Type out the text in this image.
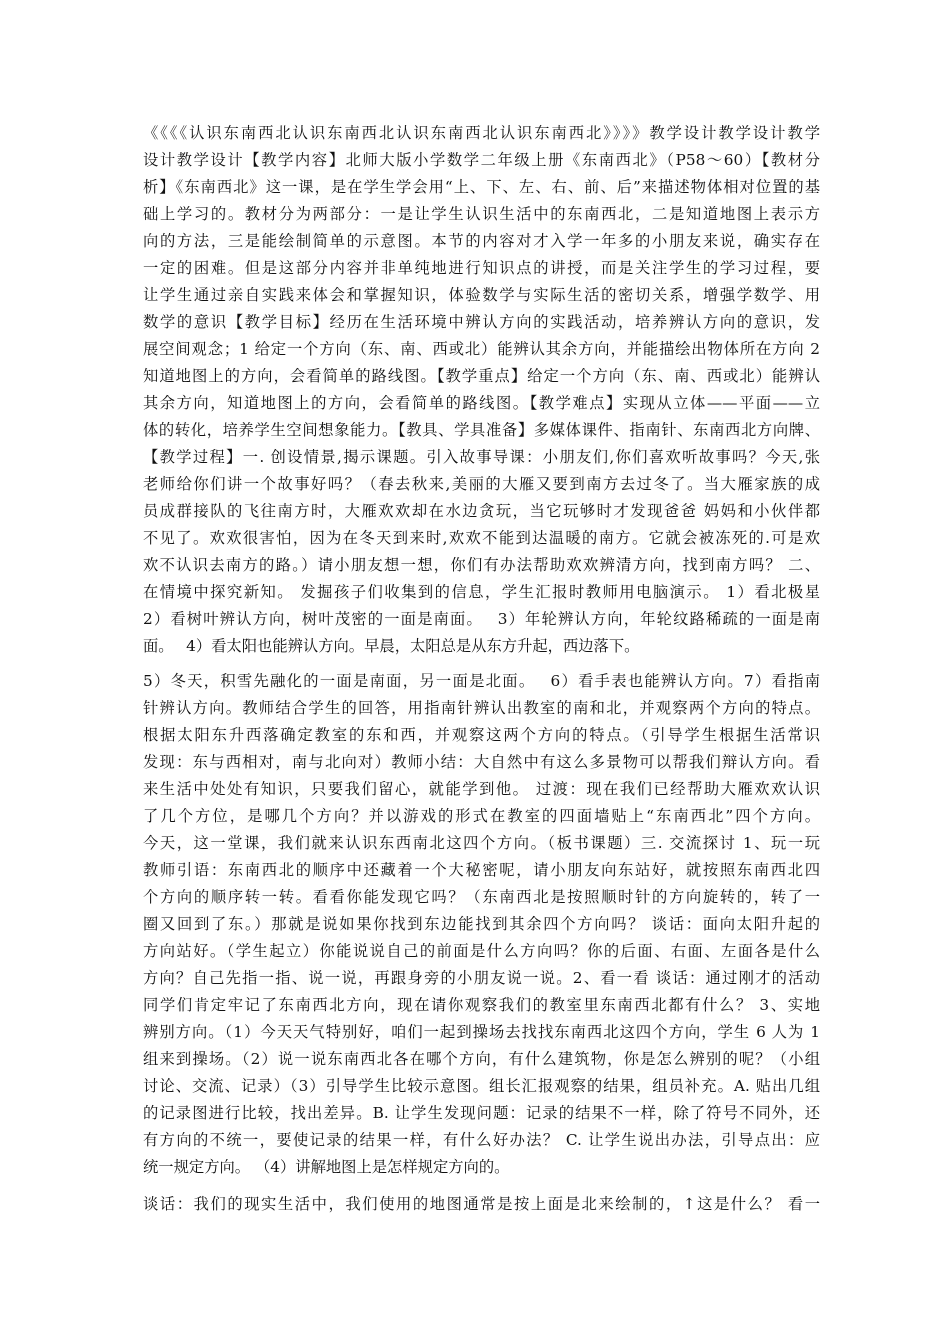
《《《《认识东南西北认识东南西北认识东南西北认识东南西北》》》》教学设计教学设计教学
设计教学设计【教学内容】北师大版小学数学二年级上册《东南西北》（P58～60）【教材分
析】《东南西北》这一课，是在学生学会用“上、下、左、右、前、后”来描述物体相对位置的基
础上学习的。教材分为两部分：一是让学生认识生活中的东南西北，二是知道地图上表示方
向的方法，三是能绘制简单的示意图。本节的内容对才入学一年多的小朋友来说，确实存在
一定的困难。但是这部分内容并非单纯地进行知识点的讲授，而是关注学生的学习过程，要
让学生通过亲自实践来体会和掌握知识，体验数学与实际生活的密切关系，增强学数学、用
数学的意识【教学目标】经历在生活环境中辨认方向的实践活动，培养辨认方向的意识，发
展空间观念；1 给定一个方向（东、南、西或北）能辨认其余方向，并能描绘出物体所在方向 2
知道地图上的方向，会看简单的路线图。【教学重点】给定一个方向（东、南、西或北）能辨认
其余方向，知道地图上的方向，会看简单的路线图。【教学难点】实现从立体——平面——立
体的转化，培养学生空间想象能力。【教具、学具准备】多媒体课件、指南针、东南西北方向牌、
【教学过程】一. 创设情景,揭示课题。引入故事导课：小朋友们,你们喜欢听故事吗？今天,张
老师给你们讲一个故事好吗？（春去秋来,美丽的大雁又要到南方去过冬了。当大雁家族的成
员成群接队的飞往南方时，大雁欢欢却在水边贪玩，当它玩够时才发现爸爸 妈妈和小伙伴都
不见了。欢欢很害怕，因为在冬天到来时,欢欢不能到达温暖的南方。它就会被冻死的.可是欢
欢不认识去南方的路。）请小朋友想一想，你们有办法帮助欢欢辨清方向，找到南方吗？ 二、
在情境中探究新知。 发掘孩子们收集到的信息，学生汇报时教师用电脑演示。 1）看北极星
2）看树叶辨认方向，树叶茂密的一面是南面。　 3）年轮辨认方向，年轮纹路稀疏的一面是南
面。　 4）看太阳也能辨认方向。早晨，太阳总是从东方升起，西边落下。
5）冬天，积雪先融化的一面是南面，另一面是北面。　 6）看手表也能辨认方向。7）看指南
针辨认方向。教师结合学生的回答，用指南针辨认出教室的南和北，并观察两个方向的特点。
根据太阳东升西落确定教室的东和西，并观察这两个方向的特点。（引导学生根据生活常识
发现：东与西相对，南与北向对）教师小结：大自然中有这么多景物可以帮我们辩认方向。看
来生活中处处有知识，只要我们留心，就能学到他。 过渡：现在我们已经帮助大雁欢欢认识
了几个方位，是哪几个方向？并以游戏的形式在教室的四面墙贴上“东南西北”四个方向。
今天，这一堂课，我们就来认识东西南北这四个方向。（板书课题）三. 交流探讨 1、玩一玩
教师引语：东南西北的顺序中还藏着一个大秘密呢，请小朋友向东站好，就按照东南西北四
个方向的顺序转一转。看看你能发现它吗？（东南西北是按照顺时针的方向旋转的，转了一
圈又回到了东。）那就是说如果你找到东边能找到其余四个方向吗？ 谈话：面向太阳升起的
方向站好。（学生起立）你能说说自己的前面是什么方向吗？你的后面、右面、左面各是什么
方向？自己先指一指、说一说，再跟身旁的小朋友说一说。2、看一看 谈话：通过刚才的活动
同学们肯定牢记了东南西北方向，现在请你观察我们的教室里东南西北都有什么？ 3、实地
辨别方向。（1）今天天气特别好，咱们一起到操场去找找东南西北这四个方向，学生 6 人为 1
组来到操场。（2）说一说东南西北各在哪个方向，有什么建筑物，你是怎么辨别的呢？（小组
讨论、交流、记录）（3）引导学生比较示意图。组长汇报观察的结果，组员补充。A. 贴出几组
的记录图进行比较，找出差异。B. 让学生发现问题：记录的结果不一样，除了符号不同外，还
有方向的不统一，要使记录的结果一样，有什么好办法？ C. 让学生说出办法，引导点出：应
统一规定方向。 （4）讲解地图上是怎样规定方向的。
谈话：我们的现实生活中，我们使用的地图通常是按上面是北来绘制的，↑这是什么？ 看一
